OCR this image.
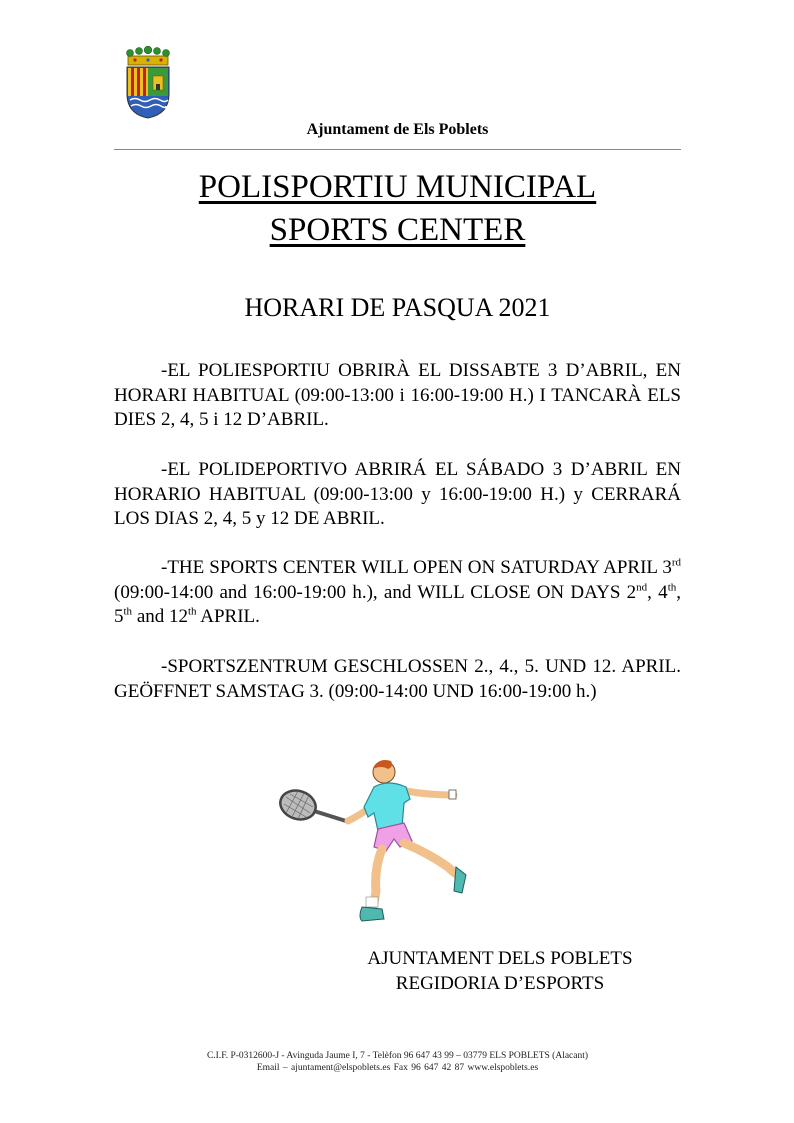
Ajuntament de Els Poblets
POLISPORTIU MUNICIPAL
SPORTS CENTER
HORARI DE PASQUA 2021

-EL POLIESPORTIU OBRIRÀ EL DISSABTE 3 D’ABRIL, EN HORARI HABITUAL (09:00-13:00 i 16:00-19:00 H.) I TANCARÀ ELS DIES 2, 4, 5 i 12 D’ABRIL.

-EL POLIDEPORTIVO ABRIRÁ EL SÁBADO 3 D’ABRIL EN HORARIO HABITUAL (09:00-13:00 y 16:00-19:00 H.) y CERRARÁ LOS DIAS 2, 4, 5 y 12 DE ABRIL.

-THE SPORTS CENTER WILL OPEN ON SATURDAY APRIL 3rd (09:00-14:00 and 16:00-19:00 h.), and WILL CLOSE ON DAYS 2nd, 4th, 5th and 12th APRIL.

-SPORTSZENTRUM GESCHLOSSEN 2., 4., 5. UND 12. APRIL. GEÖFFNET SAMSTAG 3. (09:00-14:00 UND 16:00-19:00 h.)

AJUNTAMENT DELS POBLETS
REGIDORIA D’ESPORTS
C.I.F. P-0312600-J - Avinguda Jaume I, 7 - Telèfon 96 647 43 99 – 03779 ELS POBLETS (Alacant)
Email – ajuntament@elspoblets.es Fax 96 647 42 87 www.elspoblets.es
